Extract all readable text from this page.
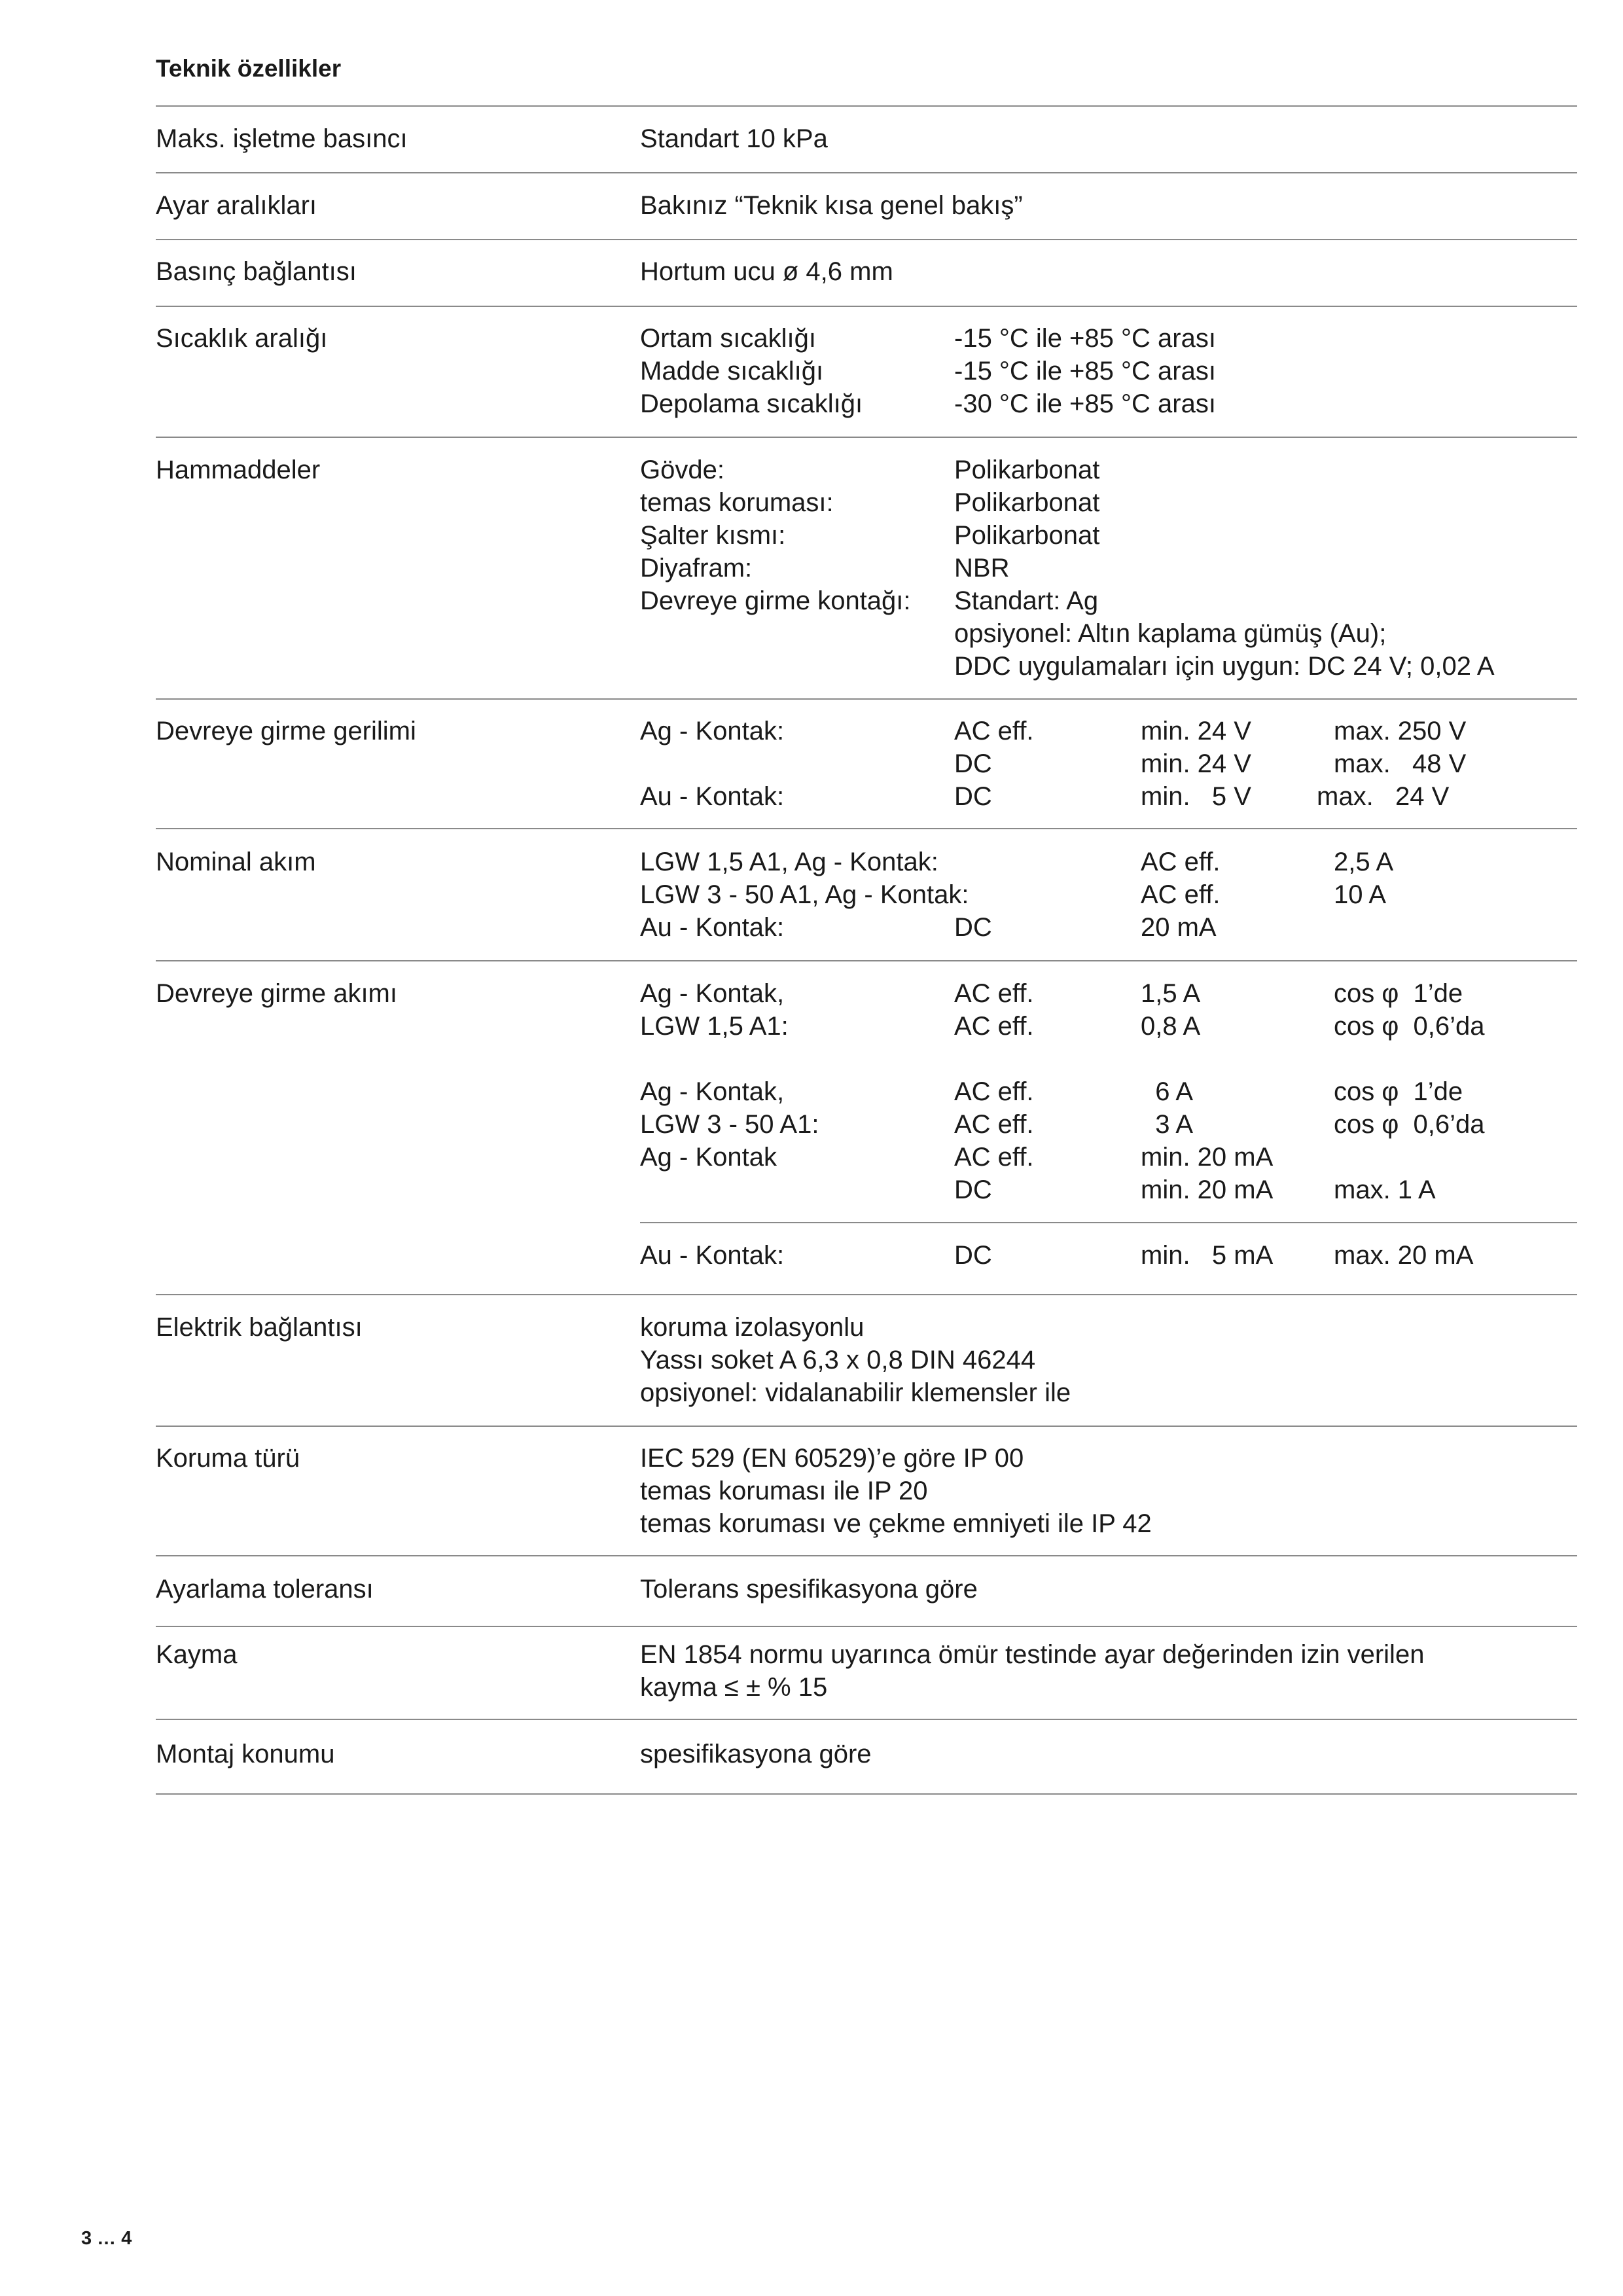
Teknik özellikler
Maks. işletme basıncı	Standart 10 kPa
Ayar aralıkları	Bakınız “Teknik kısa genel bakış”
Basınç bağlantısı	Hortum ucu ø 4,6 mm
Sıcaklık aralığı	Ortam sıcaklığı	-15 °C ile +85 °C arası
Madde sıcaklığı	-15 °C ile +85 °C arası
Depolama sıcaklığı	-30 °C ile +85 °C arası
Hammaddeler	Gövde:	Polikarbonat
temas koruması:	Polikarbonat
Şalter kısmı:	Polikarbonat
Diyafram:	NBR
Devreye girme kontağı: Standart: Ag
opsiyonel: Altın kaplama gümüş (Au);
DDC uygulamaları için uygun: DC 24 V; 0,02 A
Devreye girme gerilimi	Ag - Kontak:	AC eff.	min. 24 V	max. 250 V
DC	min. 24 V	max.   48 V
Au - Kontak:	DC	min.   5 V	max.   24 V
Nominal akım	LGW 1,5 A1, Ag - Kontak:	AC eff.	2,5 A
LGW 3 - 50 A1, Ag - Kontak:	AC eff.	10 A
Au - Kontak:	DC	20 mA
Devreye girme akımı	Ag - Kontak,	AC eff.	1,5 A	cos φ  1’de
LGW 1,5 A1:	AC eff.	0,8 A	cos φ  0,6’da
Ag - Kontak,	AC eff.	6 A	cos φ  1’de
LGW 3 - 50 A1:	AC eff.	3 A	cos φ  0,6’da
Ag - Kontak	AC eff.	min. 20 mA
DC	min. 20 mA max. 1 A
Au - Kontak:	DC	min.   5 mA max. 20 mA
Elektrik bağlantısı	koruma izolasyonlu
Yassı soket A 6,3 x 0,8 DIN 46244
opsiyonel: vidalanabilir klemensler ile
Koruma türü	IEC 529 (EN 60529)’e göre IP 00
temas koruması ile IP 20
temas koruması ve çekme emniyeti ile IP 42
Ayarlama toleransı	Tolerans spesifikasyona göre
Kayma	EN 1854 normu uyarınca ömür testinde ayar değerinden izin verilen
kayma ≤ ± % 15
Montaj konumu	spesifikasyona göre
3 … 4
